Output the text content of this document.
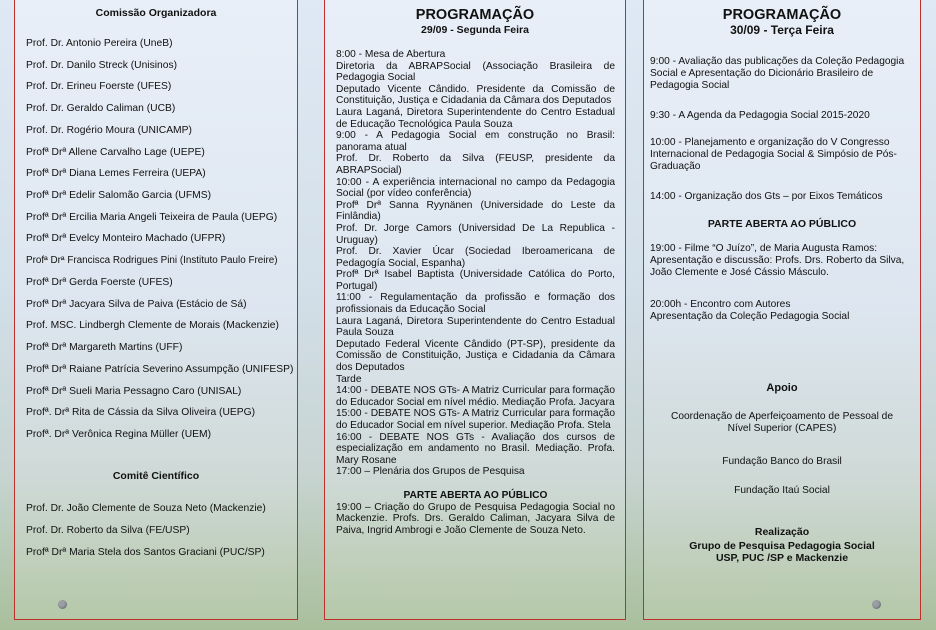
Comissão Organizadora
Prof. Dr. Antonio Pereira (UneB)
Prof. Dr. Danilo Streck (Unisinos)
Prof. Dr. Erineu Foerste (UFES)
Prof. Dr. Geraldo Caliman (UCB)
Prof. Dr. Rogério Moura (UNICAMP)
Profª Drª Allene Carvalho Lage (UEPE)
Profª Drª Diana Lemes Ferreira (UEPA)
Profª Drª Edelir Salomão Garcia (UFMS)
Profª Drª Ercilia Maria Angeli Teixeira de Paula (UEPG)
Profª Drª Evelcy Monteiro Machado (UFPR)
Profª Drª Francisca Rodrigues Pini (Instituto Paulo Freire)
Profª Drª Gerda Foerste (UFES)
Profª Drª Jacyara Silva de Paiva (Estácio de Sá)
Prof. MSC. Lindbergh Clemente de Morais (Mackenzie)
Profª Drª Margareth Martins (UFF)
Profª Drª Raiane Patrícia Severino Assumpção (UNIFESP)
Profª Drª Sueli Maria Pessagno Caro (UNISAL)
Profª. Drª Rita de Cássia da Silva Oliveira (UEPG)
Profª. Drª Verônica Regina Müller (UEM)
Comitê Científico
Prof. Dr. João Clemente de Souza Neto (Mackenzie)
Prof. Dr. Roberto da Silva (FE/USP)
Profª Drª Maria Stela dos Santos Graciani (PUC/SP)
PROGRAMAÇÃO
29/09 - Segunda Feira

8:00 - Mesa de Abertura

Diretoria da ABRAPSocial (Associação Brasileira de Pedagogia Social

Deputado Vicente Cândido. Presidente da Comissão de Constituição, Justiça e Cidadania da Câmara dos Deputados

Laura Laganá, Diretora Superintendente do Centro Estadual de Educação Tecnológica Paula Souza

9:00 - A Pedagogia Social em construção no Brasil: panorama atual

Prof. Dr. Roberto da Silva (FEUSP, presidente da ABRAPSocial)

10:00 - A experiência internacional no campo da Pedagogia Social (por vídeo conferência)

Profª Drª Sanna Ryynänen (Universidade do Leste da Finlândia)

Prof. Dr. Jorge Camors (Universidad De La Republica - Uruguay)

Prof. Dr. Xavier Úcar (Sociedad Iberoamericana de Pedagogía Social, Espanha)

Profª Drª Isabel Baptista (Universidade Católica do Porto, Portugal)

11:00 - Regulamentação da profissão e formação dos profissionais da Educação Social

Laura Laganá, Diretora Superintendente do Centro Estadual Paula Souza

Deputado Federal Vicente Cândido (PT-SP), presidente da Comissão de Constituição, Justiça e Cidadania da Câmara dos Deputados

Tarde

14:00 - DEBATE NOS GTs- A Matriz Curricular para formação do Educador Social em nível médio. Mediação Profa. Jacyara

15:00 - DEBATE NOS GTs- A Matriz Curricular para formação do Educador Social em nível superior. Mediação Profa. Stela

16:00 - DEBATE NOS GTs - Avaliação dos cursos de especialização em andamento no Brasil. Mediação. Profa. Mary Rosane

17:00 – Plenária dos Grupos de Pesquisa

PARTE ABERTA AO PÚBLICO

19:00 – Criação do Grupo de Pesquisa Pedagogia Social no Mackenzie. Profs. Drs. Geraldo Caliman, Jacyara Silva de Paiva, Ingrid Ambrogi e João Clemente de Souza Neto.

PROGRAMAÇÃO
30/09 - Terça Feira

9:00 - Avaliação das publicações da Coleção Pedagogia Social e Apresentação do Dicionário Brasileiro de Pedagogia Social

9:30 - A Agenda da Pedagogia Social 2015-2020

10:00 - Planejamento e organização do V Congresso Internacional de Pedagogia Social & Simpósio de Pós-Graduação

14:00 - Organização dos Gts – por Eixos Temáticos

PARTE ABERTA AO PÚBLICO

19:00 - Filme “O Juízo”, de Maria Augusta Ramos: Apresentação e discussão: Profs. Drs. Roberto da Silva, João Clemente e José Cássio Másculo.

20:00h - Encontro com Autores
Apresentação da Coleção Pedagogia Social

Apoio
Coordenação de Aperfeiçoamento de Pessoal de Nível Superior (CAPES)
Fundação Banco do Brasil
Fundação Itaú Social
Realização
Grupo de Pesquisa Pedagogia Social
USP, PUC /SP e Mackenzie
